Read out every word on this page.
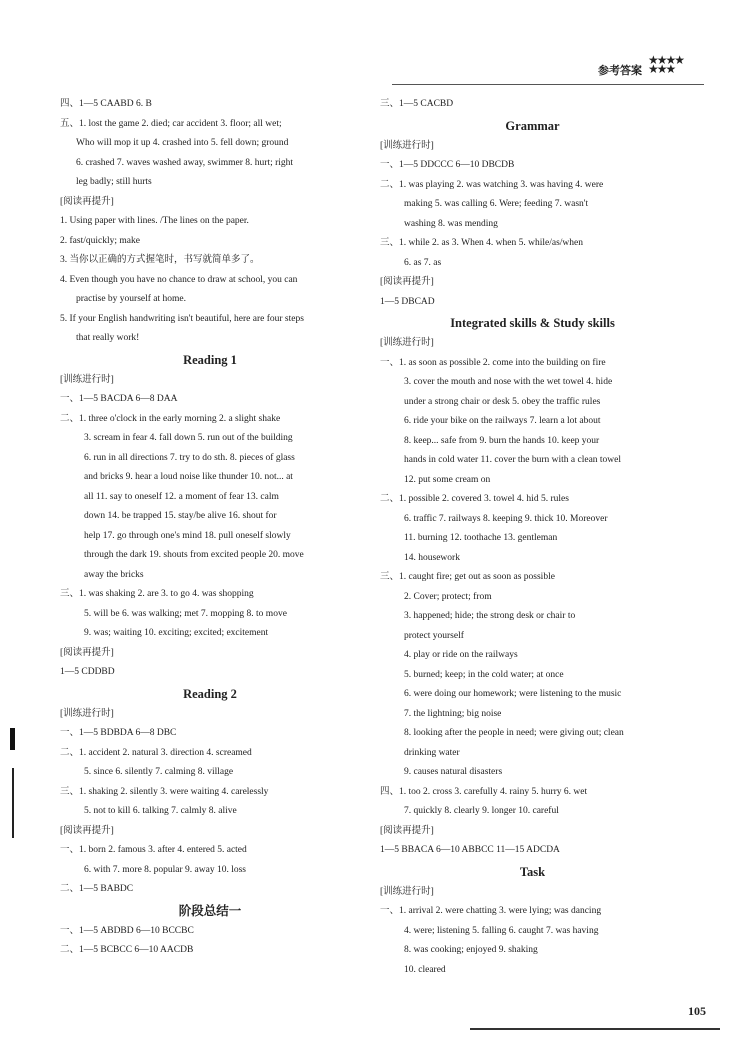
参考答案
★★★★
★★★
四、1—5 CAABD 6. B
五、1. lost the game 2. died; car accident 3. floor; all wet;
Who will mop it up 4. crashed into 5. fell down; ground
6. crashed 7. waves washed away, swimmer 8. hurt; right
leg badly; still hurts
[阅读再提升]
1. Using paper with lines. /The lines on the paper.
2. fast/quickly; make
3. 当你以正确的方式握笔时，书写就简单多了。
4. Even though you have no chance to draw at school, you can
practise by yourself at home.
5. If your English handwriting isn't beautiful, here are four steps
that really work!
Reading 1
[训练进行时]
一、1—5 BACDA 6—8 DAA
二、1. three o'clock in the early morning 2. a slight shake
3. scream in fear 4. fall down 5. run out of the building
6. run in all directions 7. try to do sth. 8. pieces of glass
and bricks 9. hear a loud noise like thunder 10. not... at
all 11. say to oneself 12. a moment of fear 13. calm
down 14. be trapped 15. stay/be alive 16. shout for
help 17. go through one's mind 18. pull oneself slowly
through the dark 19. shouts from excited people 20. move
away the bricks
三、1. was shaking 2. are 3. to go 4. was shopping
5. will be 6. was walking; met 7. mopping 8. to move
9. was; waiting 10. exciting; excited; excitement
[阅读再提升]
1—5 CDDBD
Reading 2
[训练进行时]
一、1—5 BDBDA 6—8 DBC
二、1. accident 2. natural 3. direction 4. screamed
5. since 6. silently 7. calming 8. village
三、1. shaking 2. silently 3. were waiting 4. carelessly
5. not to kill 6. talking 7. calmly 8. alive
[阅读再提升]
一、1. born 2. famous 3. after 4. entered 5. acted
6. with 7. more 8. popular 9. away 10. loss
二、1—5 BABDC
阶段总结一
一、1—5 ABDBD 6—10 BCCBC
二、1—5 BCBCC 6—10 AACDB
三、1—5 CACBD
Grammar
[训练进行时]
一、1—5 DDCCC 6—10 DBCDB
二、1. was playing 2. was watching 3. was having 4. were
making 5. was calling 6. Were; feeding 7. wasn't
washing 8. was mending
三、1. while 2. as 3. When 4. when 5. while/as/when
6. as 7. as
[阅读再提升]
1—5 DBCAD
Integrated skills & Study skills
[训练进行时]
一、1. as soon as possible 2. come into the building on fire
3. cover the mouth and nose with the wet towel 4. hide
under a strong chair or desk 5. obey the traffic rules
6. ride your bike on the railways 7. learn a lot about
8. keep... safe from 9. burn the hands 10. keep your
hands in cold water 11. cover the burn with a clean towel
12. put some cream on
二、1. possible 2. covered 3. towel 4. hid 5. rules
6. traffic 7. railways 8. keeping 9. thick 10. Moreover
11. burning 12. toothache 13. gentleman
14. housework
三、1. caught fire; get out as soon as possible
2. Cover; protect; from
3. happened; hide; the strong desk or chair to
protect yourself
4. play or ride on the railways
5. burned; keep; in the cold water; at once
6. were doing our homework; were listening to the music
7. the lightning; big noise
8. looking after the people in need; were giving out; clean
drinking water
9. causes natural disasters
四、1. too 2. cross 3. carefully 4. rainy 5. hurry 6. wet
7. quickly 8. clearly 9. longer 10. careful
[阅读再提升]
1—5 BBACA 6—10 ABBCC 11—15 ADCDA
Task
[训练进行时]
一、1. arrival 2. were chatting 3. were lying; was dancing
4. were; listening 5. falling 6. caught 7. was having
8. was cooking; enjoyed 9. shaking
10. cleared
105
